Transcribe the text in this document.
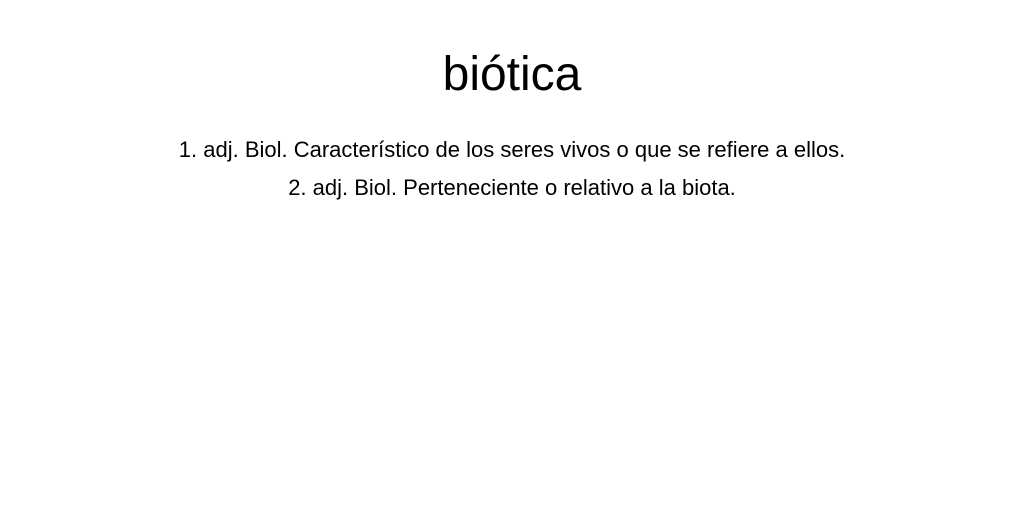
biótica
1. adj. Biol. Característico de los seres vivos o que se refiere a ellos.
2. adj. Biol. Perteneciente o relativo a la biota.
